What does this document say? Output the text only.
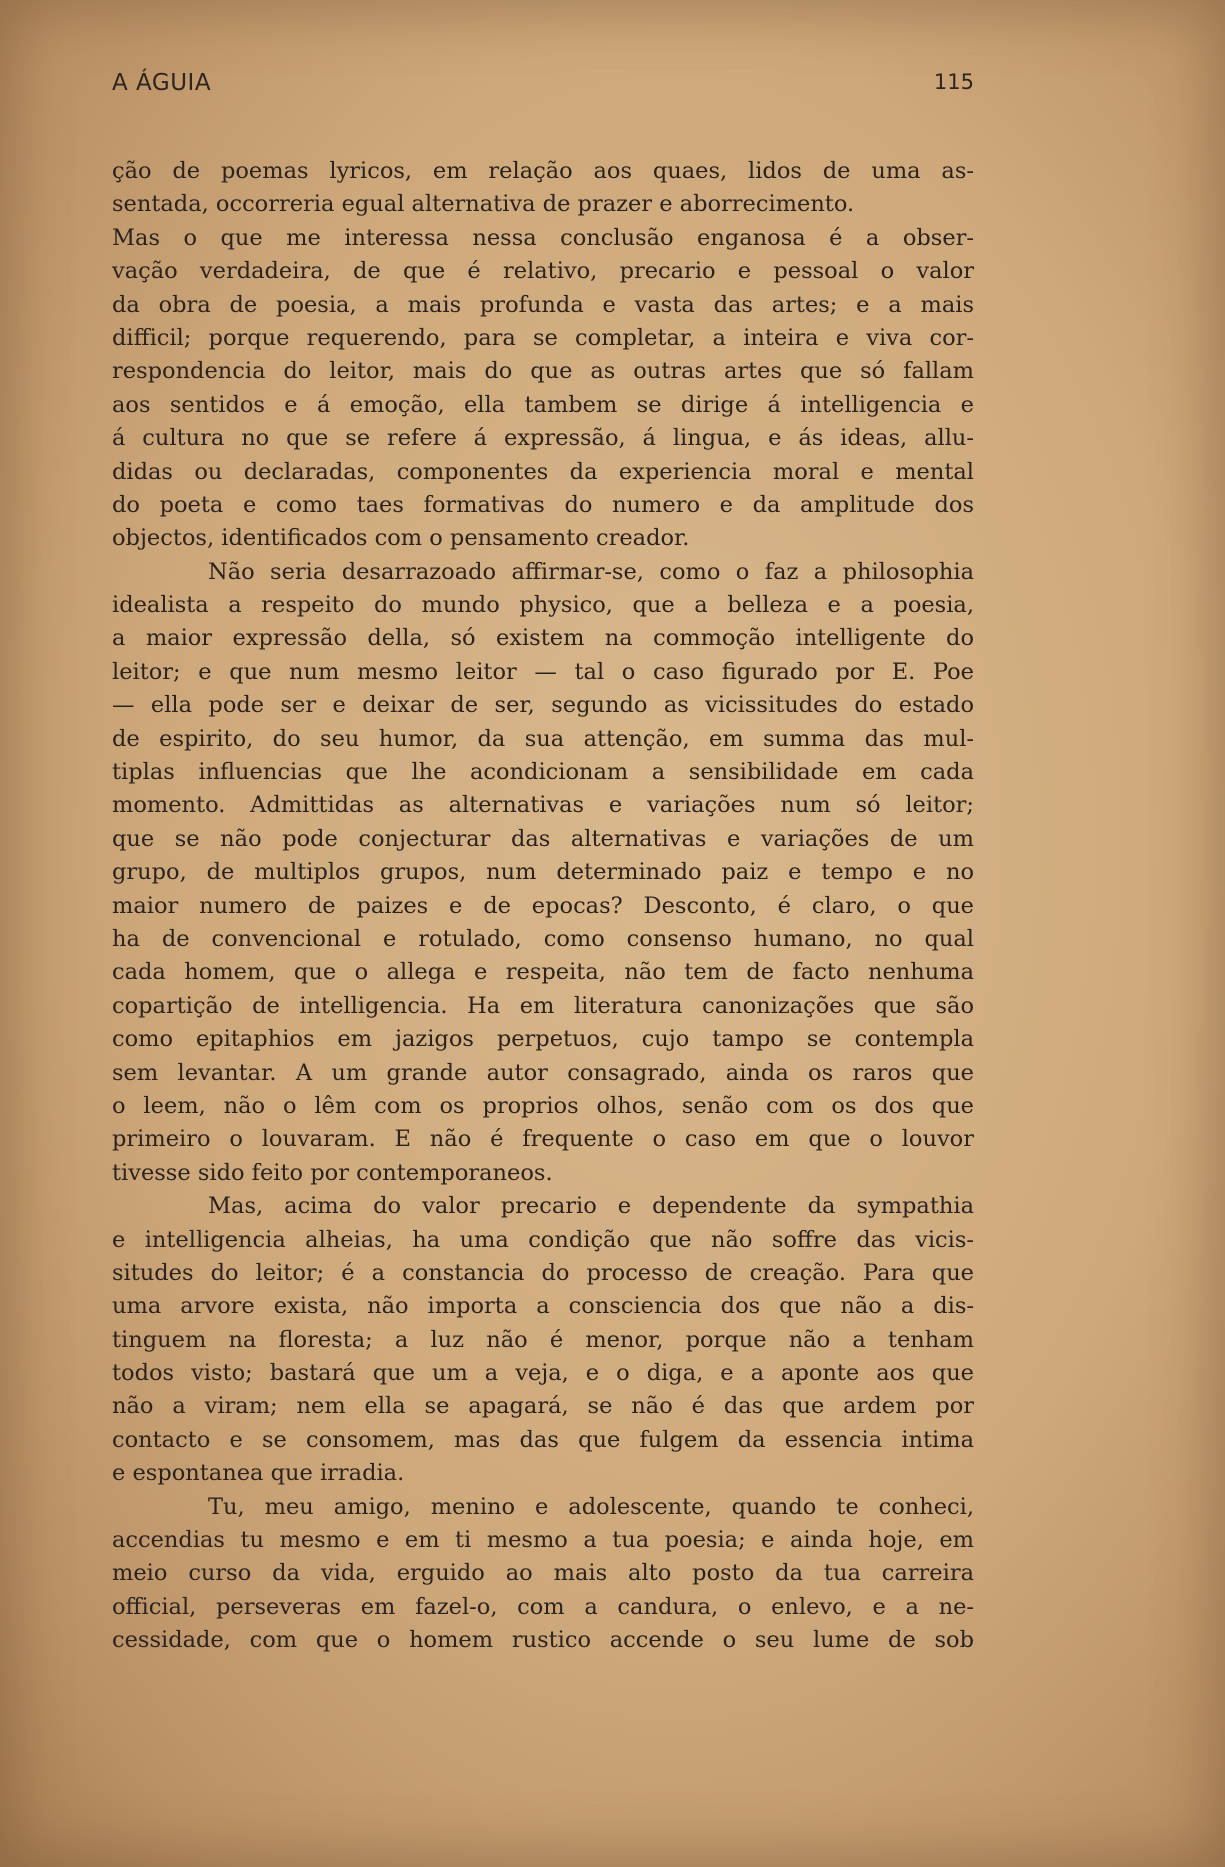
A ÁGUIA	115
ção de poemas lyricos, em relação aos quaes, lidos de uma as-
sentada, occorreria egual alternativa de prazer e aborrecimento.
Mas o que me interessa nessa conclusão enganosa é a obser-
vação verdadeira, de que é relativo, precario e pessoal o valor
da obra de poesia, a mais profunda e vasta das artes; e a mais
difficil; porque requerendo, para se completar, a inteira e viva cor-
respondencia do leitor, mais do que as outras artes que só fallam
aos sentidos e á emoção, ella tambem se dirige á intelligencia e
á cultura no que se refere á expressão, á lingua, e ás ideas, allu-
didas ou declaradas, componentes da experiencia moral e mental
do poeta e como taes formativas do numero e da amplitude dos
objectos, identificados com o pensamento creador.
Não seria desarrazoado affirmar-se, como o faz a philosophia
idealista a respeito do mundo physico, que a belleza e a poesia,
a maior expressão della, só existem na commoção intelligente do
leitor; e que num mesmo leitor — tal o caso figurado por E. Poe
— ella pode ser e deixar de ser, segundo as vicissitudes do estado
de espirito, do seu humor, da sua attenção, em summa das mul-
tiplas influencias que lhe acondicionam a sensibilidade em cada
momento. Admittidas as alternativas e variações num só leitor;
que se não pode conjecturar das alternativas e variações de um
grupo, de multiplos grupos, num determinado paiz e tempo e no
maior numero de paizes e de epocas? Desconto, é claro, o que
ha de convencional e rotulado, como consenso humano, no qual
cada homem, que o allega e respeita, não tem de facto nenhuma
copartição de intelligencia. Ha em literatura canonizações que são
como epitaphios em jazigos perpetuos, cujo tampo se contempla
sem levantar. A um grande autor consagrado, ainda os raros que
o leem, não o lêm com os proprios olhos, senão com os dos que
primeiro o louvaram. E não é frequente o caso em que o louvor
tivesse sido feito por contemporaneos.
Mas, acima do valor precario e dependente da sympathia
e intelligencia alheias, ha uma condição que não soffre das vicis-
situdes do leitor; é a constancia do processo de creação. Para que
uma arvore exista, não importa a consciencia dos que não a dis-
tinguem na floresta; a luz não é menor, porque não a tenham
todos visto; bastará que um a veja, e o diga, e a aponte aos que
não a viram; nem ella se apagará, se não é das que ardem por
contacto e se consomem, mas das que fulgem da essencia intima
e espontanea que irradia.
Tu, meu amigo, menino e adolescente, quando te conheci,
accendias tu mesmo e em ti mesmo a tua poesia; e ainda hoje, em
meio curso da vida, erguido ao mais alto posto da tua carreira
official, perseveras em fazel-o, com a candura, o enlevo, e a ne-
cessidade, com que o homem rustico accende o seu lume de sob
